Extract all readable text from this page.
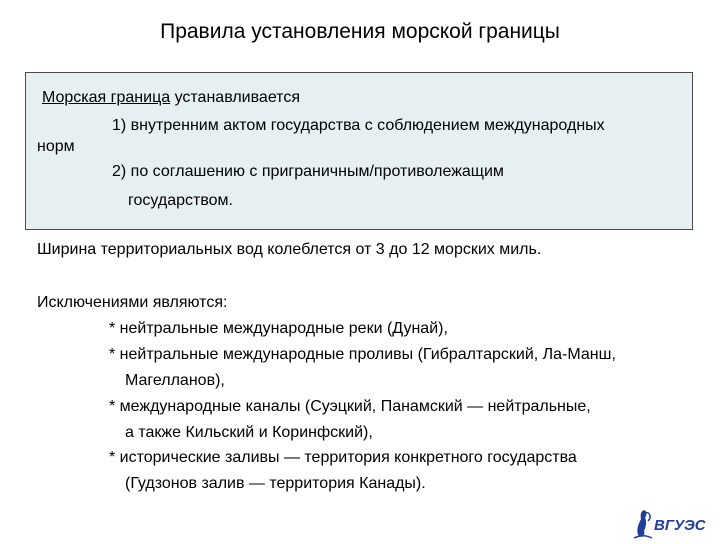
Правила установления морской границы
Морская граница устанавливается
1) внутренним актом государства с соблюдением международных
норм
2) по соглашению с приграничным/противолежащим
государством.
Ширина территориальных вод колеблется от 3 до 12 морских миль.
Исключениями являются:
* нейтральные международные реки (Дунай),
* нейтральные международные проливы (Гибралтарский, Ла-Манш,
Магелланов),
* международные каналы (Суэцкий, Панамский — нейтральные,
а также Кильский и Коринфский),
* исторические заливы — территория конкретного государства
(Гудзонов залив — территория Канады).
ВГУЭС
